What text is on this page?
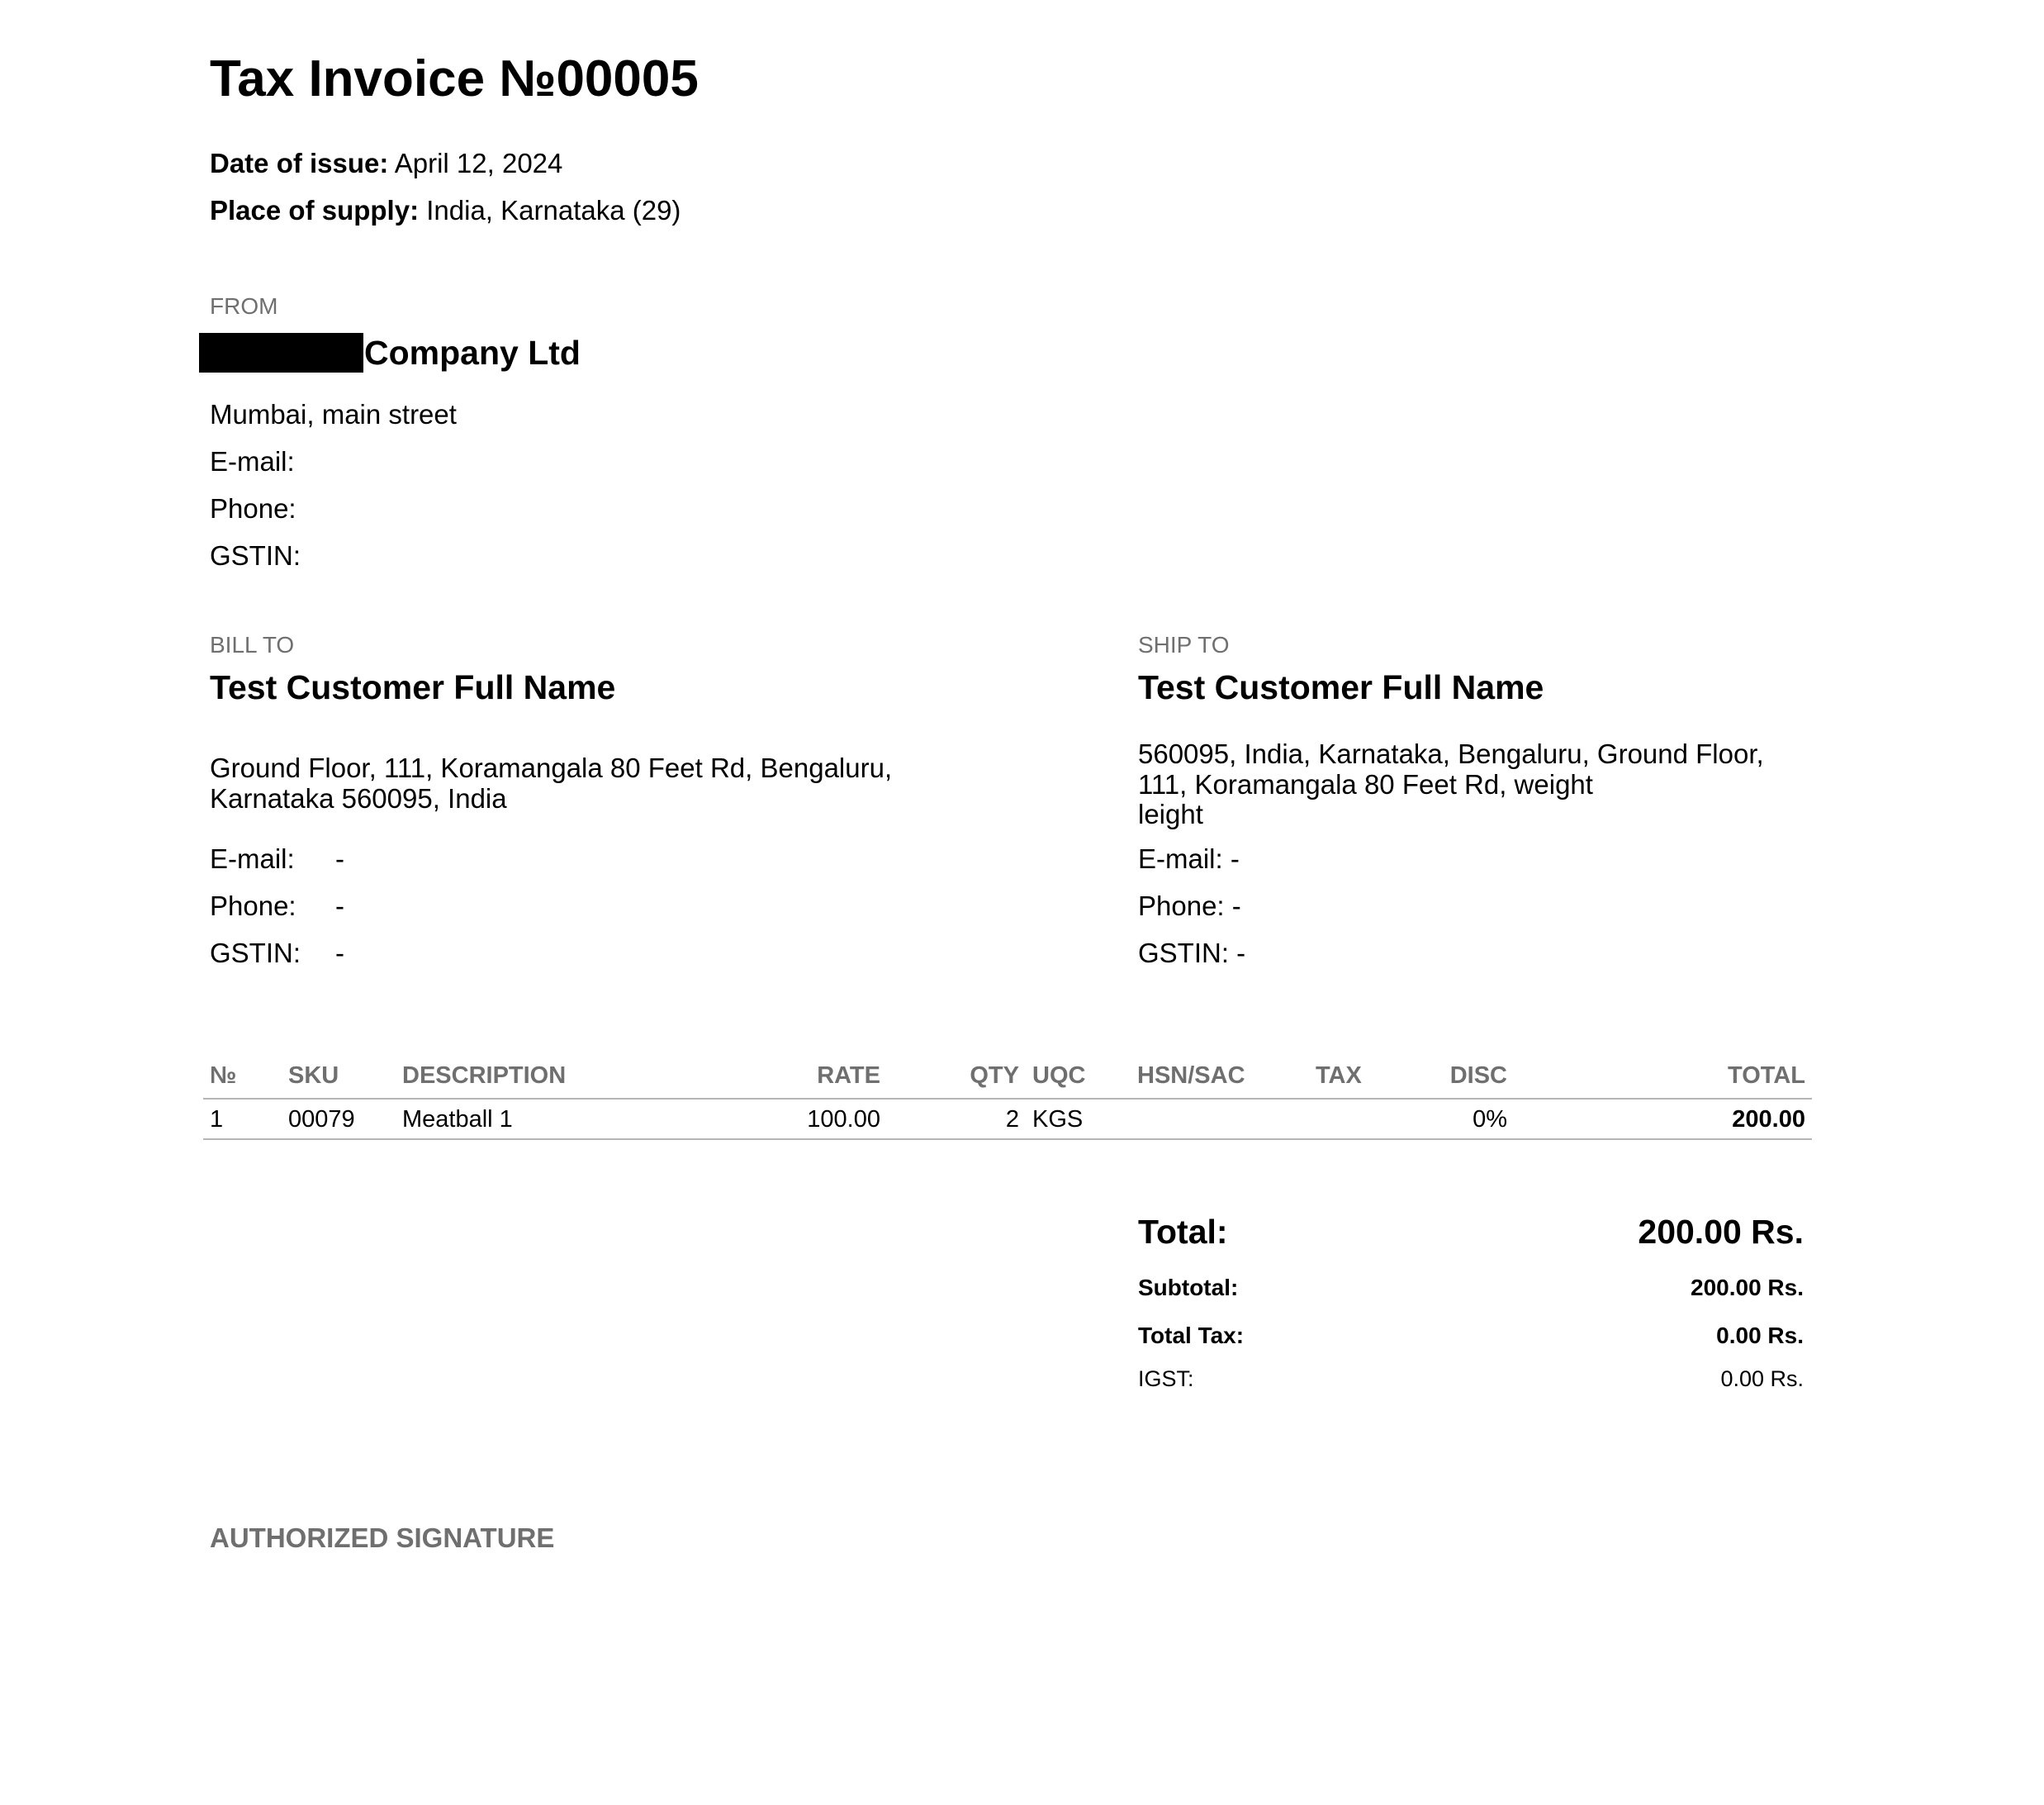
Tax Invoice №00005
Date of issue: April 12, 2024
Place of supply: India, Karnataka (29)
FROM
Company Ltd
Mumbai, main street
E-mail:
Phone:
GSTIN:
BILL TO
Test Customer Full Name
Ground Floor, 111, Koramangala 80 Feet Rd, Bengaluru,
Karnataka 560095, India
E-mail: -
Phone: -
GSTIN: -
SHIP TO
Test Customer Full Name
560095, India, Karnataka, Bengaluru, Ground Floor,
111, Koramangala 80 Feet Rd, weight
leight
E-mail: -
Phone: -
GSTIN: -
№	SKU	DESCRIPTION	RATE	QTY	UQC	HSN/SAC	TAX	DISC	TOTAL
1	00079	Meatball 1	100.00	2	KGS			0%	200.00
Total:	200.00 Rs.
Subtotal:	200.00 Rs.
Total Tax:	0.00 Rs.
IGST:	0.00 Rs.
AUTHORIZED SIGNATURE
